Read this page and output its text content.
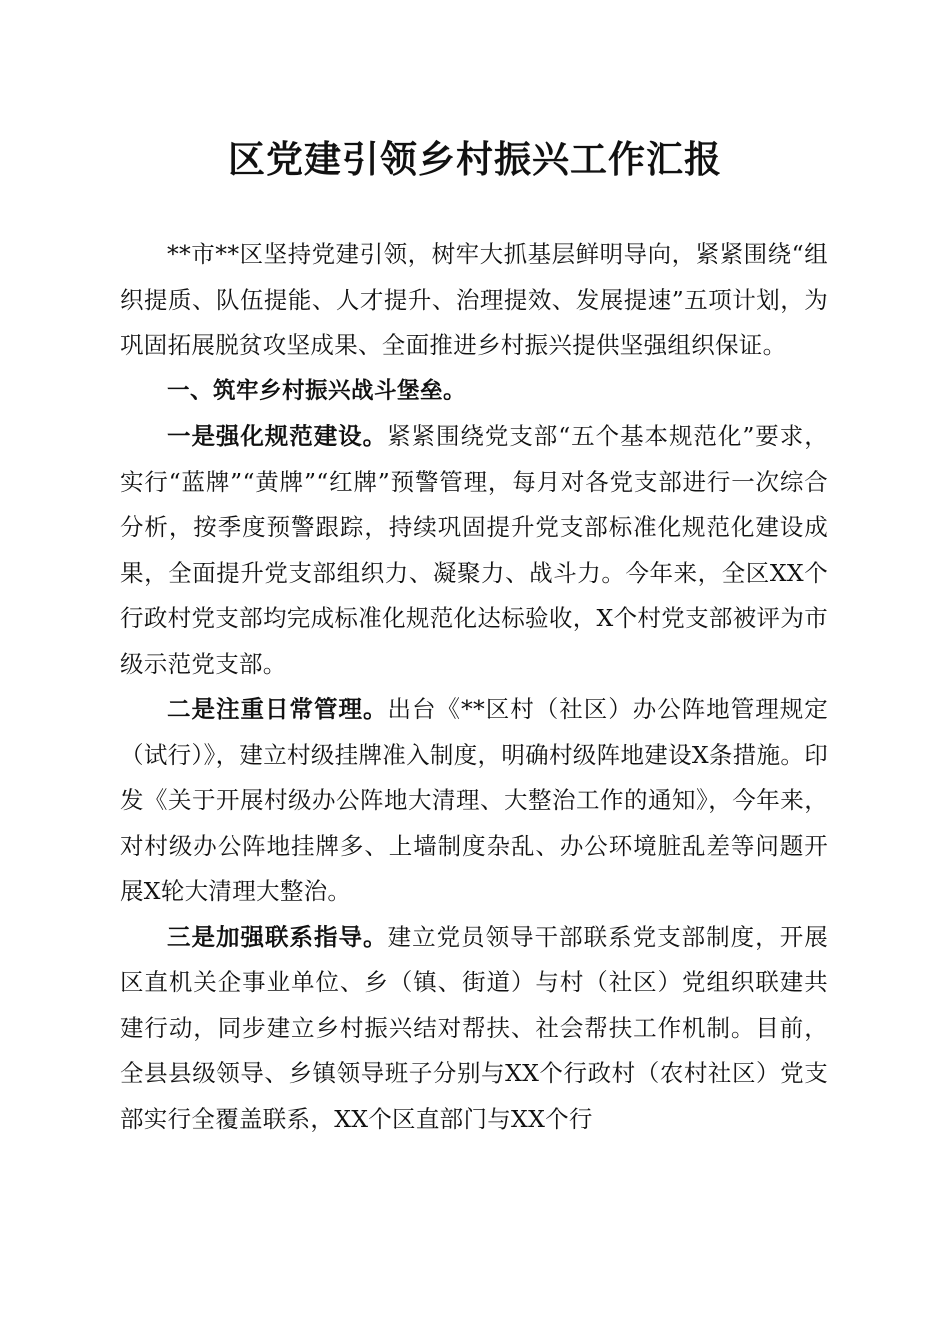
区党建引领乡村振兴工作汇报

**市**区坚持党建引领，树牢大抓基层鲜明导向，紧紧围绕“组织提质、队伍提能、人才提升、治理提效、发展提速”五项计划，为巩固拓展脱贫攻坚成果、全面推进乡村振兴提供坚强组织保证。

一、筑牢乡村振兴战斗堡垒。

一是强化规范建设。紧紧围绕党支部“五个基本规范化”要求，实行“蓝牌”“黄牌”“红牌”预警管理，每月对各党支部进行一次综合分析，按季度预警跟踪，持续巩固提升党支部标准化规范化建设成果，全面提升党支部组织力、凝聚力、战斗力。今年来，全区XX个行政村党支部均完成标准化规范化达标验收，X个村党支部被评为市级示范党支部。

二是注重日常管理。出台《**区村（社区）办公阵地管理规定（试行）》，建立村级挂牌准入制度，明确村级阵地建设X条措施。印发《关于开展村级办公阵地大清理、大整治工作的通知》，今年来，对村级办公阵地挂牌多、上墙制度杂乱、办公环境脏乱差等问题开展X轮大清理大整治。

三是加强联系指导。建立党员领导干部联系党支部制度，开展区直机关企事业单位、乡（镇、街道）与村（社区）党组织联建共建行动，同步建立乡村振兴结对帮扶、社会帮扶工作机制。目前，全县县级领导、乡镇领导班子分别与XX个行政村（农村社区）党支部实行全覆盖联系，XX个区直部门与XX个行
